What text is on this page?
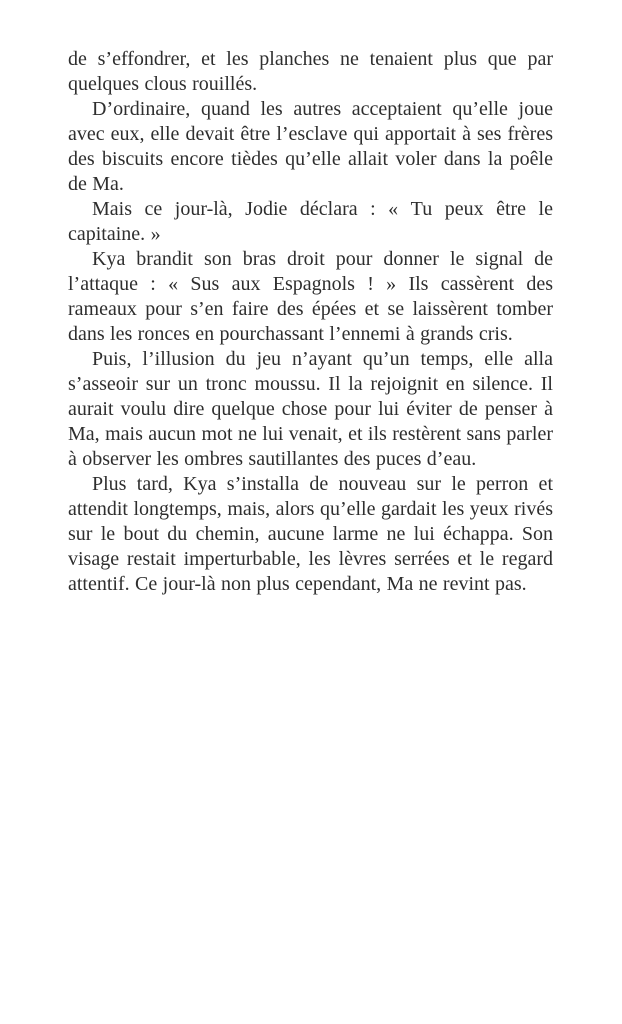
de s’effondrer, et les planches ne tenaient plus que par quelques clous rouillés.

D’ordinaire, quand les autres acceptaient qu’elle joue avec eux, elle devait être l’esclave qui apportait à ses frères des biscuits encore tièdes qu’elle allait voler dans la poêle de Ma.

Mais ce jour-là, Jodie déclara : « Tu peux être le capitaine. »

Kya brandit son bras droit pour donner le signal de l’attaque : « Sus aux Espagnols ! » Ils cassèrent des rameaux pour s’en faire des épées et se laissèrent tomber dans les ronces en pourchassant l’ennemi à grands cris.

Puis, l’illusion du jeu n’ayant qu’un temps, elle alla s’asseoir sur un tronc moussu. Il la rejoignit en silence. Il aurait voulu dire quelque chose pour lui éviter de penser à Ma, mais aucun mot ne lui venait, et ils restèrent sans parler à observer les ombres sautillantes des puces d’eau.

Plus tard, Kya s’installa de nouveau sur le perron et attendit longtemps, mais, alors qu’elle gardait les yeux rivés sur le bout du chemin, aucune larme ne lui échappa. Son visage restait imperturbable, les lèvres serrées et le regard attentif. Ce jour-là non plus cependant, Ma ne revint pas.
